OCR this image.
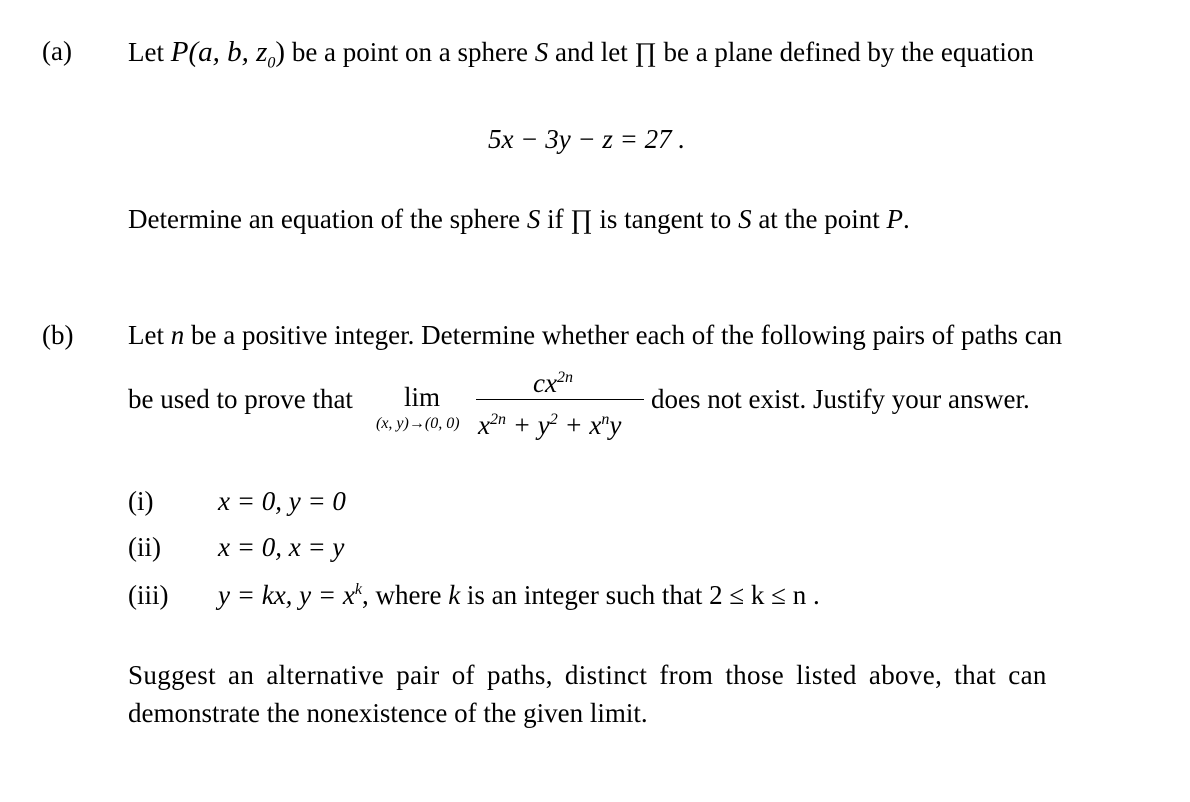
(a) Let P(a, b, $z_0$) be a point on a sphere S and let ∏ be a plane defined by the equation
5x − 3y − z = 27 .
Determine an equation of the sphere S if ∏ is tangent to S at the point P.
(b) Let n be a positive integer. Determine whether each of the following pairs of paths can
be used to prove that lim
(x, y)→(0, 0)
$cx^{2n}$
$x^{2n} + y^2 + x^ny$
does not exist. Justify your answer.
(i) x = 0, y = 0
(ii) x = 0, x = y
(iii) y = kx, $y = x^k$, where k is an integer such that 2 ≤ k ≤ n .
Suggest an alternative pair of paths, distinct from those listed above, that can
demonstrate the nonexistence of the given limit.
